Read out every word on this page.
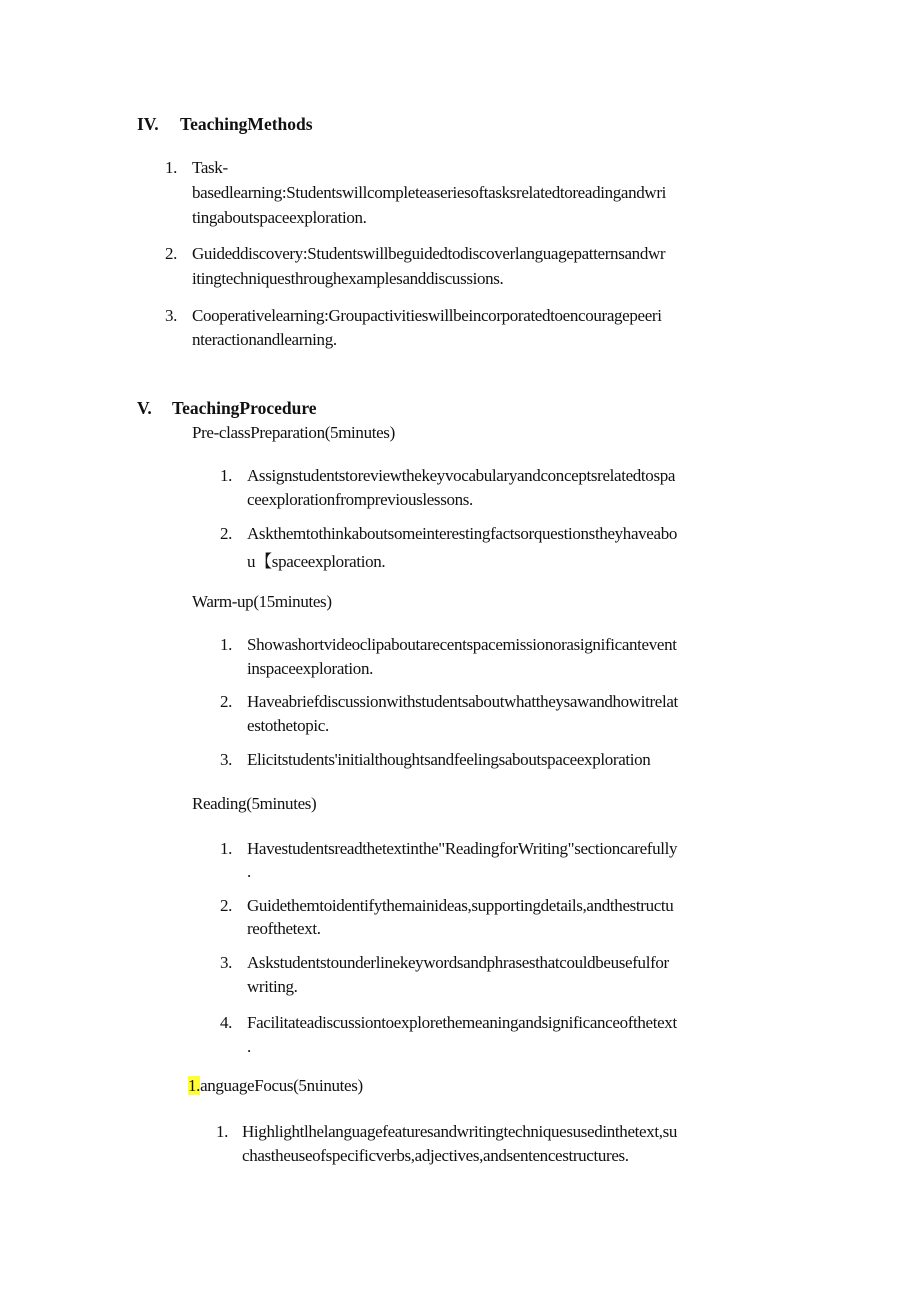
IV. TeachingMethods
1. Task-
basedlearning:Studentswillcompleteaseriesoftasksrelatedtoreadingandwri
tingaboutspaceexploration.
2. Guideddiscovery:Studentswillbeguidedtodiscoverlanguagepatternsandwr
itingtechniquesthroughexamplesanddiscussions.
3. Cooperativelearning:Groupactivitieswillbeincorporatedtoencouragepeeri
nteractionandlearning.
V. TeachingProcedure
Pre-classPreparation(5minutes)
1. Assignstudentstoreviewthekeyvocabularyandconceptsrelatedtospa
ceexplorationfrompreviouslessons.
2. Askthemtothinkaboutsomeinterestingfactsorquestionstheyhaveabo
u【spaceexploration.
Warm-up(15minutes)
1. Showashortvideoclipaboutarecentspacemissionorasignificantevent
inspaceexploration.
2. Haveabriefdiscussionwithstudentsaboutwhattheysawandhowitrelat
estothetopic.
3. Elicitstudents'initialthoughtsandfeelingsaboutspaceexploration
Reading(5minutes)
1. Havestudentsreadthetextinthe"ReadingforWriting"sectioncarefully
.
2. Guidethemtoidentifythemainideas,supportingdetails,andthestructu
reofthetext.
3. Askstudentstounderlinekeywordsandphrasesthatcouldbeusefulfor
writing.
4. Facilitateadiscussiontoexplorethemeaningandsignificanceofthetext
.
1.anguageFocus(5nιinutes)
1. Highlightlhelanguagefeaturesandwritingtechniquesusedinthetext,su
chastheuseofspecificverbs,adjectives,andsentencestructures.
